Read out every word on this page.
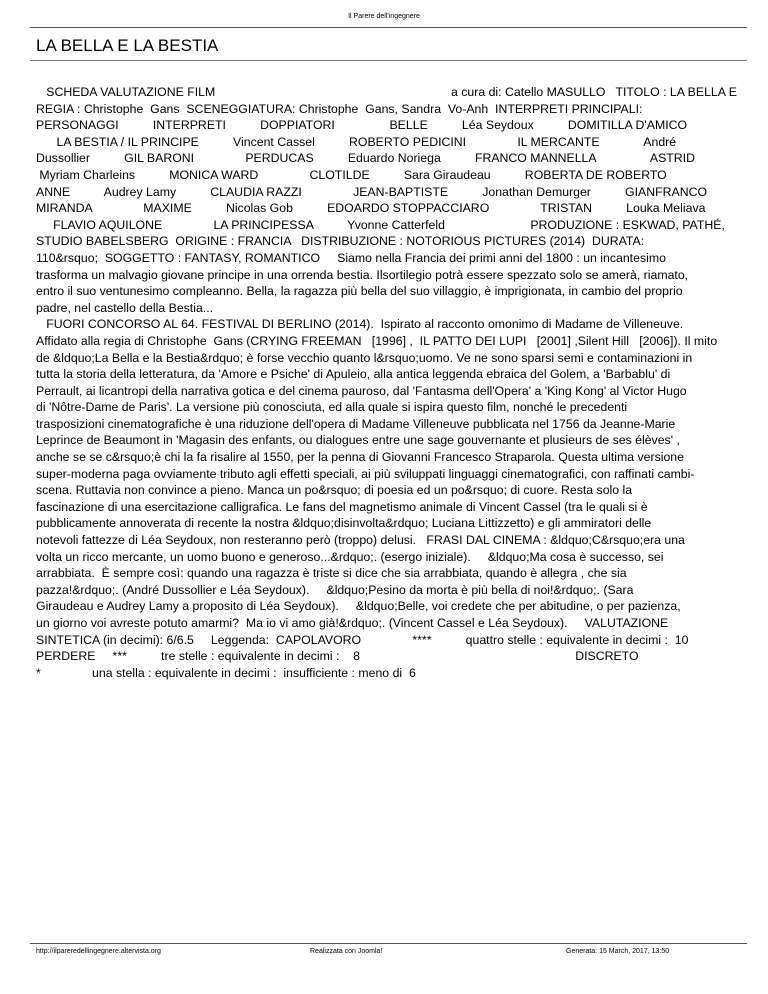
Il Parere dell'ingegnere
LA BELLA E LA BESTIA
SCHEDA VALUTAZIONE FILM                                                                     a cura di: Catello MASULLO   TITOLO : LA BELLA E
REGIA : Christophe  Gans  SCENEGGIATURA: Christophe  Gans, Sandra  Vo-Anh  INTERPRETI PRINCIPALI:
PERSONAGGI          INTERPRETI          DOPPIATORI                BELLE          Léa Seydoux          DOMITILLA D'AMICO
LA BESTIA / IL PRINCIPE          Vincent Cassel          ROBERTO PEDICINI               IL MERCANTE             André
Dussollier          GIL BARONI               PERDUCAS          Eduardo Noriega          FRANCO MANNELLA                ASTRID
Myriam Charleins          MONICA WARD               CLOTILDE          Sara Giraudeau          ROBERTA DE ROBERTO
ANNE          Audrey Lamy          CLAUDIA RAZZI               JEAN-BAPTISTE          Jonathan Demurger          GIANFRANCO
MIRANDA               MAXIME          Nicolas Gob          EDOARDO STOPPACCIARO               TRISTAN          Louka Meliava
FLAVIO AQUILONE               LA PRINCIPESSA          Yvonne Catterfeld                         PRODUZIONE : ESKWAD, PATHÉ,
STUDIO BABELSBERG  ORIGINE : FRANCIA   DISTRIBUZIONE : NOTORIOUS PICTURES (2014)  DURATA:
110&rsquo;  SOGGETTO : FANTASY, ROMANTICO     Siamo nella Francia dei primi anni del 1800 : un incantesimo
trasforma un malvagio giovane principe in una orrenda bestia. Ilsortilegio potrà essere spezzato solo se amerà, riamato,
entro il suo ventunesimo compleanno. Bella, la ragazza più bella del suo villaggio, è imprigionata, in cambio del proprio
padre, nel castello della Bestia...
FUORI CONCORSO AL 64. FESTIVAL DI BERLINO (2014).  Ispirato al racconto omonimo di Madame de Villeneuve.
Affidato alla regia di Christophe  Gans (CRYING FREEMAN   [1996] ,  IL PATTO DEI LUPI   [2001] ,Silent Hill   [2006]). Il mito
de &ldquo;La Bella e la Bestia&rdquo; è forse vecchio quanto l&rsquo;uomo. Ve ne sono sparsi semi e contaminazioni in
tutta la storia della letteratura, da 'Amore e Psiche' di Apuleio, alla antica leggenda ebraica del Golem, a 'Barbablu' di
Perrault, ai licantropi della narrativa gotica e del cinema pauroso, dal 'Fantasma dell'Opera' a 'King Kong' al Victor Hugo
di 'Nôtre-Dame de Paris'. La versione più conosciuta, ed alla quale si ispira questo film, nonché le precedenti
trasposizioni cinematografiche è una riduzione dell'opera di Madame Villeneuve pubblicata nel 1756 da Jeanne-Marie
Leprince de Beaumont in 'Magasin des enfants, ou dialogues entre une sage gouvernante et plusieurs de ses élèves' ,
anche se se c&rsquo;è chi la fa risalire al 1550, per la penna di Giovanni Francesco Straparola. Questa ultima versione
super-moderna paga ovviamente tributo agli effetti speciali, ai più sviluppati linguaggi cinematografici, con raffinati cambi-
scena. Ruttavia non convince a pieno. Manca un po&rsquo; di poesia ed un po&rsquo; di cuore. Resta solo la
fascinazione di una esercitazione calligrafica. Le fans del magnetismo animale di Vincent Cassel (tra le quali si è
pubblicamente annoverata di recente la nostra &ldquo;disinvolta&rdquo; Luciana Littizzetto) e gli ammiratori delle
notevoli fattezze di Léa Seydoux, non resteranno però (troppo) delusi.   FRASI DAL CINEMA : &ldquo;C&rsquo;era una
volta un ricco mercante, un uomo buono e generoso...&rdquo;. (esergo iniziale).     &ldquo;Ma cosa è successo, sei
arrabbiata.  È sempre così: quando una ragazza è triste si dice che sia arrabbiata, quando è allegra , che sia
pazza!&rdquo;. (André Dussollier e Léa Seydoux).     &ldquo;Pesino da morta è più bella di noi!&rdquo;. (Sara
Giraudeau e Audrey Lamy a proposito di Léa Seydoux).     &ldquo;Belle, voi credete che per abitudine, o per pazienza,
un giorno voi avreste potuto amarmi?  Ma io vi amo già!&rdquo;. (Vincent Cassel e Léa Seydoux).     VALUTAZIONE
SINTETICA (in decimi): 6/6.5     Leggenda:  CAPOLAVORO               ****          quattro stelle : equivalente in decimi :  10
PERDERE     ***          tre stelle : equivalente in decimi :    8                                                               DISCRETO
*               una stella : equivalente in decimi :  insufficiente : meno di  6
http://ilpareredellingegnere.altervista.org	Realizzata con Joomla!	Generata: 15 March, 2017, 13:50
